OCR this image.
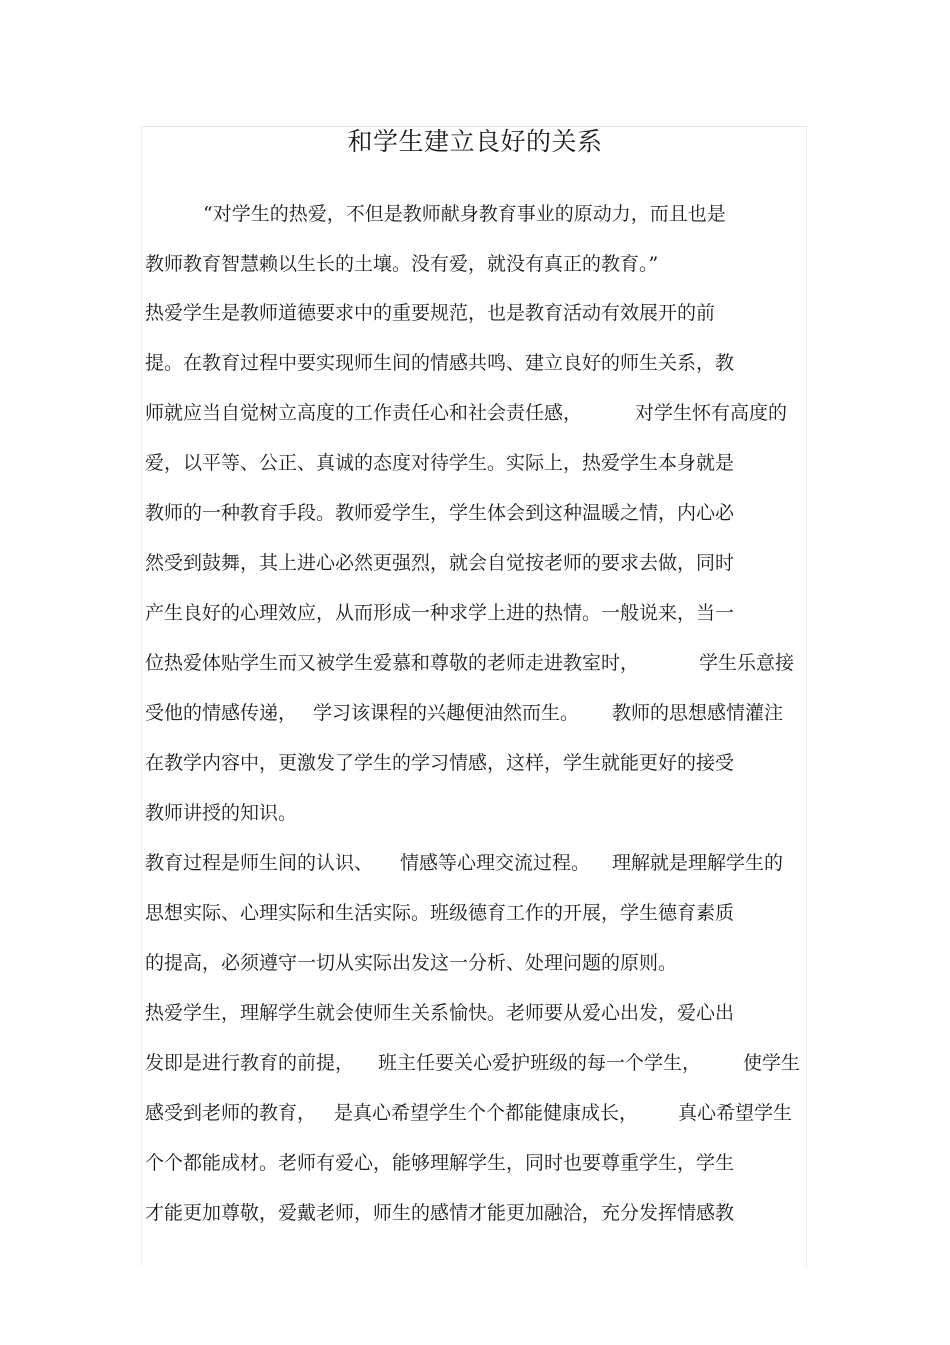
和学生建立良好的关系
“对学生的热爱，不但是教师献身教育事业的原动力，而且也是
教师教育智慧赖以生长的土壤。没有爱，就没有真正的教育。”
热爱学生是教师道德要求中的重要规范，也是教育活动有效展开的前
提。在教育过程中要实现师生间的情感共鸣、建立良好的师生关系，教
师就应当自觉树立高度的工作责任心和社会责任感，	对学生怀有高度的
爱，以平等、公正、真诚的态度对待学生。实际上，热爱学生本身就是
教师的一种教育手段。教师爱学生，学生体会到这种温暖之情，内心必
然受到鼓舞，其上进心必然更强烈，就会自觉按老师的要求去做，同时
产生良好的心理效应，从而形成一种求学上进的热情。一般说来，当一
位热爱体贴学生而又被学生爱慕和尊敬的老师走进教室时，	学生乐意接
受他的情感传递， 学习该课程的兴趣便油然而生。 教师的思想感情灌注
在教学内容中，更激发了学生的学习情感，这样，学生就能更好的接受
教师讲授的知识。
教育过程是师生间的认识、 情感等心理交流过程。 理解就是理解学生的
思想实际、心理实际和生活实际。班级德育工作的开展，学生德育素质
的提高，必须遵守一切从实际出发这一分析、处理问题的原则。
热爱学生，理解学生就会使师生关系愉快。老师要从爱心出发，爱心出
发即是进行教育的前提， 班主任要关心爱护班级的每一个学生， 使学生
感受到老师的教育， 是真心希望学生个个都能健康成长， 真心希望学生
个个都能成材。老师有爱心，能够理解学生，同时也要尊重学生，学生
才能更加尊敬，爱戴老师，师生的感情才能更加融洽，充分发挥情感教
